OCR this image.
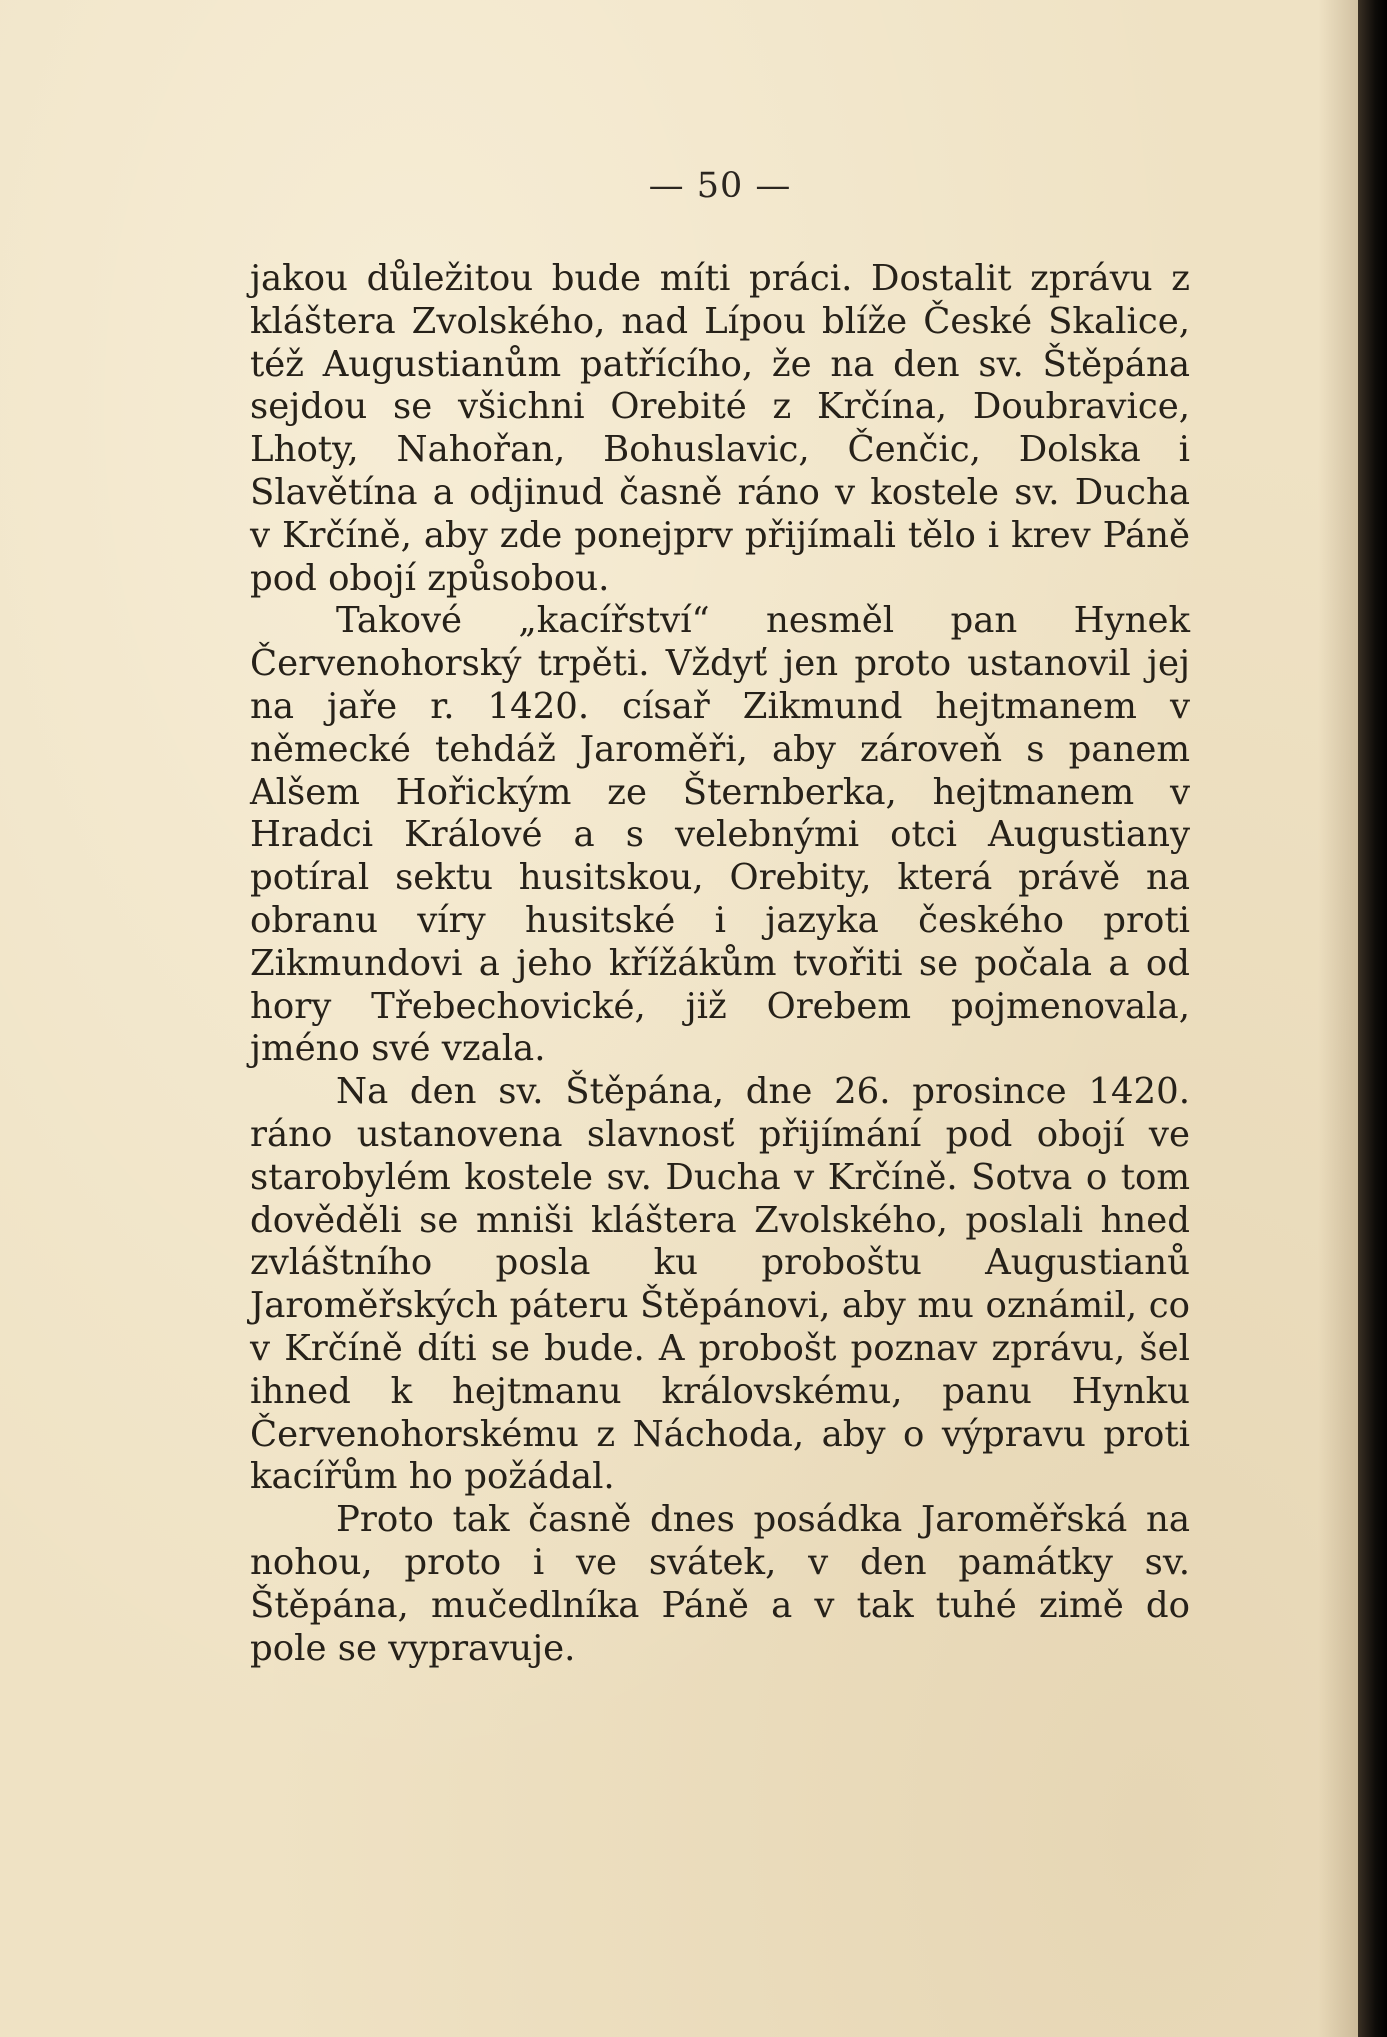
— 50 —

jakou důležitou bude míti práci. Dostalit zprávu z kláštera Zvolského, nad Lípou blíže České Skalice, též Augustianům patřícího, že na den sv. Štěpána sejdou se všichni Orebité z Krčína, Doubravice, Lhoty, Nahořan, Bohuslavic, Čenčic, Dolska i Slavětína a odjinud časně ráno v kostele sv. Ducha v Krčíně, aby zde ponejprv přijímali tělo i krev Páně pod obojí způsobou.

Takové „kacířství“ nesměl pan Hynek Červenohorský trpěti. Vždyť jen proto ustanovil jej na jaře r. 1420. císař Zikmund hejtmanem v německé tehdáž Jaroměři, aby zároveň s panem Alšem Hořickým ze Šternberka, hejtmanem v Hradci Králové a s velebnými otci Augustiany potíral sektu husitskou, Orebity, která právě na obranu víry husitské i jazyka českého proti Zikmundovi a jeho křížákům tvořiti se počala a od hory Třebechovické, již Orebem pojmenovala, jméno své vzala.

Na den sv. Štěpána, dne 26. prosince 1420. ráno ustanovena slavnosť přijímání pod obojí ve starobylém kostele sv. Ducha v Krčíně. Sotva o tom dověděli se mniši kláštera Zvolského, poslali hned zvláštního posla ku proboštu Augustianů Jaroměřských páteru Štěpánovi, aby mu oznámil, co v Krčíně díti se bude. A probošt poznav zprávu, šel ihned k hejtmanu královskému, panu Hynku Červenohorskému z Náchoda, aby o výpravu proti kacířům ho požádal.

Proto tak časně dnes posádka Jaroměřská na nohou, proto i ve svátek, v den památky sv. Štěpána, mučedlníka Páně a v tak tuhé zimě do pole se vypravuje.
